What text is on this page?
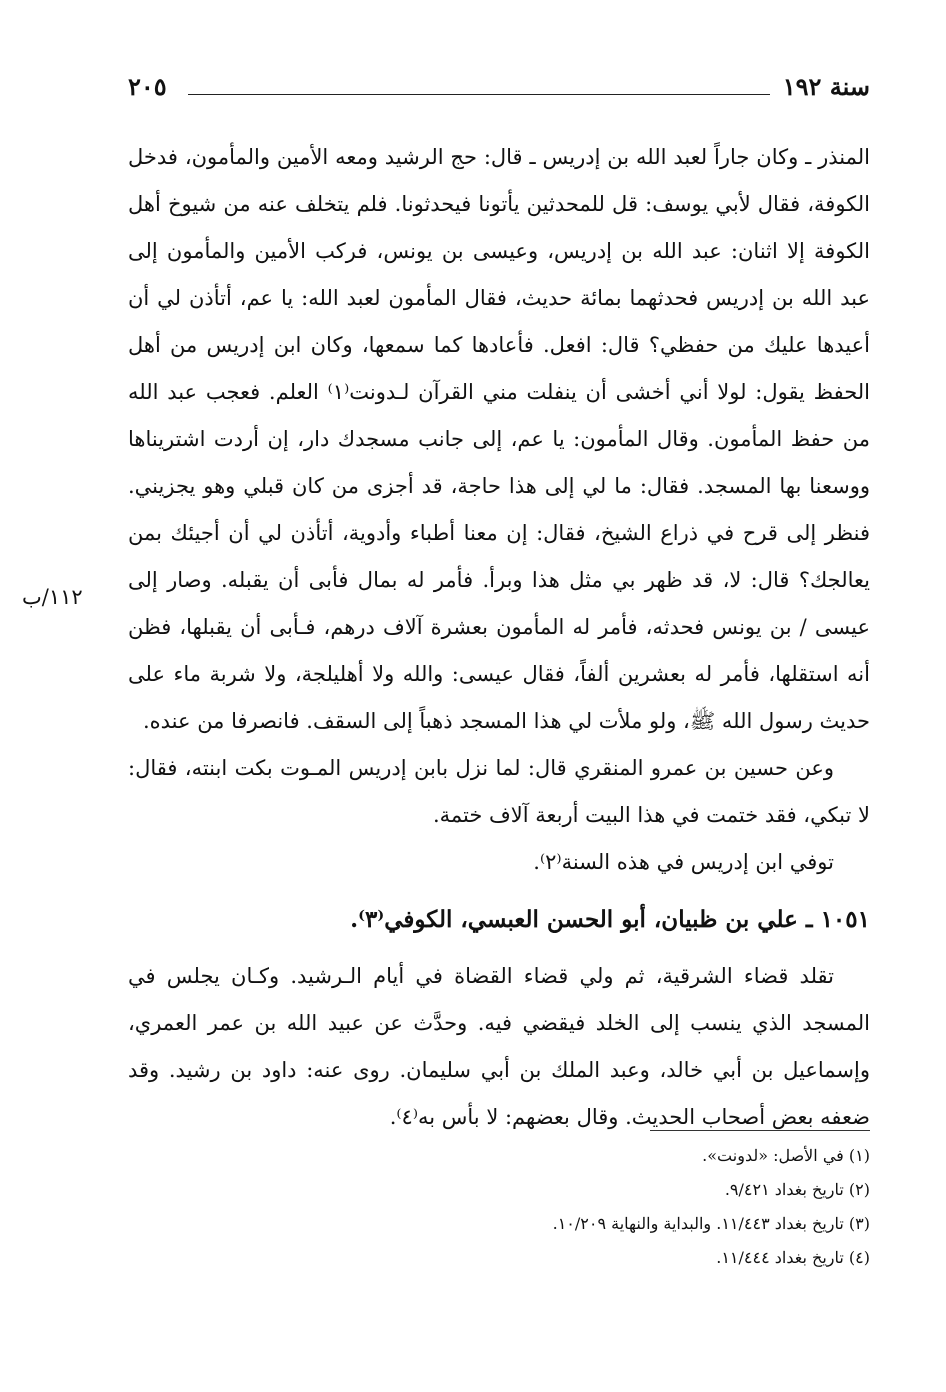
٢٠٥	سنة ١٩٢
١١٢/ب

المنذر ـ وكان جاراً لعبد الله بن إدريس ـ قال: حج الرشيد ومعه الأمين والمأمون، فدخل الكوفة، فقال لأبي يوسف: قل للمحدثين يأتونا فيحدثونا. فلم يتخلف عنه من شيوخ أهل الكوفة إلا اثنان: عبد الله بن إدريس، وعيسى بن يونس، فركب الأمين والمأمون إلى عبد الله بن إدريس فحدثهما بمائة حديث، فقال المأمون لعبد الله: يا عم، أتأذن لي أن أعيدها عليك من حفظي؟ قال: افعل. فأعادها كما سمعها، وكان ابن إدريس من أهل الحفظ يقول: لولا أني أخشى أن ينفلت مني القرآن لـدونت⁽١⁾ العلم. فعجب عبد الله من حفظ المأمون. وقال المأمون: يا عم، إلى جانب مسجدك دار، إن أردت اشتريناها ووسعنا بها المسجد. فقال: ما لي إلى هذا حاجة، قد أجزى من كان قبلي وهو يجزيني. فنظر إلى قرح في ذراع الشيخ، فقال: إن معنا أطباء وأدوية، أتأذن لي أن أجيئك بمن يعالجك؟ قال: لا، قد ظهر بي مثل هذا وبرأ. فأمر له بمال فأبى أن يقبله. وصار إلى عيسى / بن يونس فحدثه، فأمر له المأمون بعشرة آلاف درهم، فـأبى أن يقبلها، فظن أنه استقلها، فأمر له بعشرين ألفاً، فقال عيسى: والله ولا أهليلجة، ولا شربة ماء على حديث رسول الله ﷺ، ولو ملأت لي هذا المسجد ذهباً إلى السقف. فانصرفا من عنده.

وعن حسين بن عمرو المنقري قال: لما نزل بابن إدريس المـوت بكت ابنته، فقال: لا تبكي، فقد ختمت في هذا البيت أربعة آلاف ختمة.

توفي ابن إدريس في هذه السنة⁽٢⁾.

١٠٥١ ـ علي بن ظبيان، أبو الحسن العبسي، الكوفي⁽٣⁾.

تقلد قضاء الشرقية، ثم ولي قضاء القضاة في أيام الـرشيد. وكـان يجلس في المسجد الذي ينسب إلى الخلد فيقضي فيه. وحدَّث عن عبيد الله بن عمر العمري، وإسماعيل بن أبي خالد، وعبد الملك بن أبي سليمان. روى عنه: داود بن رشيد. وقد ضعفه بعض أصحاب الحديث. وقال بعضهم: لا بأس به⁽٤⁾.

(١) في الأصل: «لدونت».

(٢) تاريخ بغداد ٩/٤٢١.

(٣) تاريخ بغداد ١١/٤٤٣. والبداية والنهاية ١٠/٢٠٩.

(٤) تاريخ بغداد ١١/٤٤٤.
